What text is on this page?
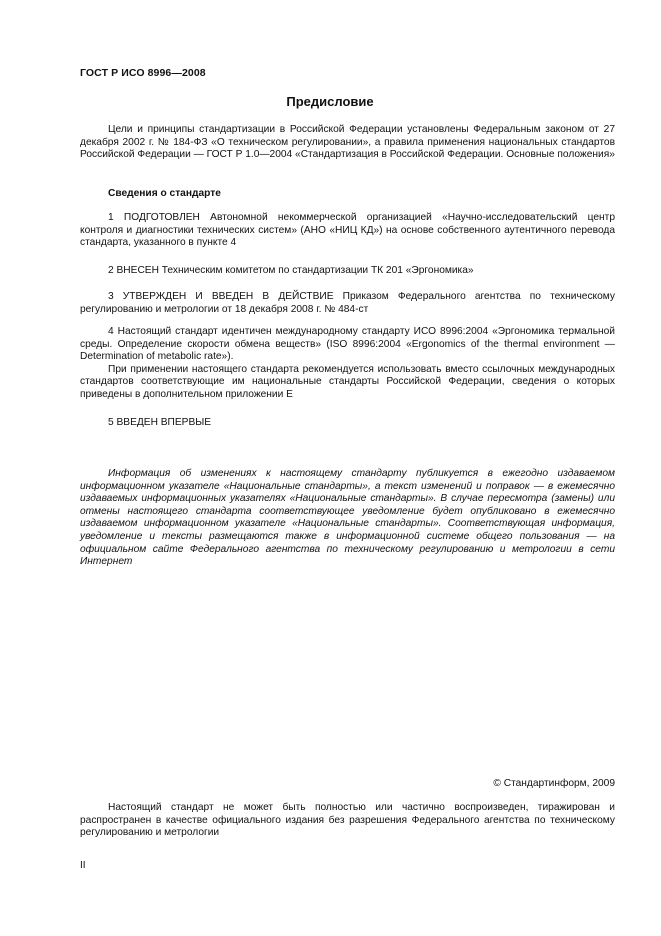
ГОСТ Р ИСО 8996—2008
Предисловие

Цели и принципы стандартизации в Российской Федерации установлены Федеральным законом от 27 декабря 2002 г. № 184-ФЗ «О техническом регулировании», а правила применения национальных стандартов Российской Федерации — ГОСТ Р 1.0—2004 «Стандартизация в Российской Федерации. Основные положения»

Сведения о стандарте

1 ПОДГОТОВЛЕН Автономной некоммерческой организацией «Научно-исследовательский центр контроля и диагностики технических систем» (АНО «НИЦ КД») на основе собственного аутентичного перевода стандарта, указанного в пункте 4

2 ВНЕСЕН Техническим комитетом по стандартизации ТК 201 «Эргономика»

3 УТВЕРЖДЕН И ВВЕДЕН В ДЕЙСТВИЕ Приказом Федерального агентства по техническому регулированию и метрологии от 18 декабря 2008 г. № 484-ст

4 Настоящий стандарт идентичен международному стандарту ИСО 8996:2004 «Эргономика термальной среды. Определение скорости обмена веществ» (ISO 8996:2004 «Ergonomics of the thermal environment — Determination of metabolic rate»).

При применении настоящего стандарта рекомендуется использовать вместо ссылочных международных стандартов соответствующие им национальные стандарты Российской Федерации, сведения о которых приведены в дополнительном приложении Е

5 ВВЕДЕН ВПЕРВЫЕ

Информация об изменениях к настоящему стандарту публикуется в ежегодно издаваемом информационном указателе «Национальные стандарты», а текст изменений и поправок — в ежемесячно издаваемых информационных указателях «Национальные стандарты». В случае пересмотра (замены) или отмены настоящего стандарта соответствующее уведомление будет опубликовано в ежемесячно издаваемом информационном указателе «Национальные стандарты». Соответствующая информация, уведомление и тексты размещаются также в информационной системе общего пользования — на официальном сайте Федерального агентства по техническому регулированию и метрологии в сети Интернет

© Стандартинформ, 2009

Настоящий стандарт не может быть полностью или частично воспроизведен, тиражирован и распространен в качестве официального издания без разрешения Федерального агентства по техническому регулированию и метрологии

II
